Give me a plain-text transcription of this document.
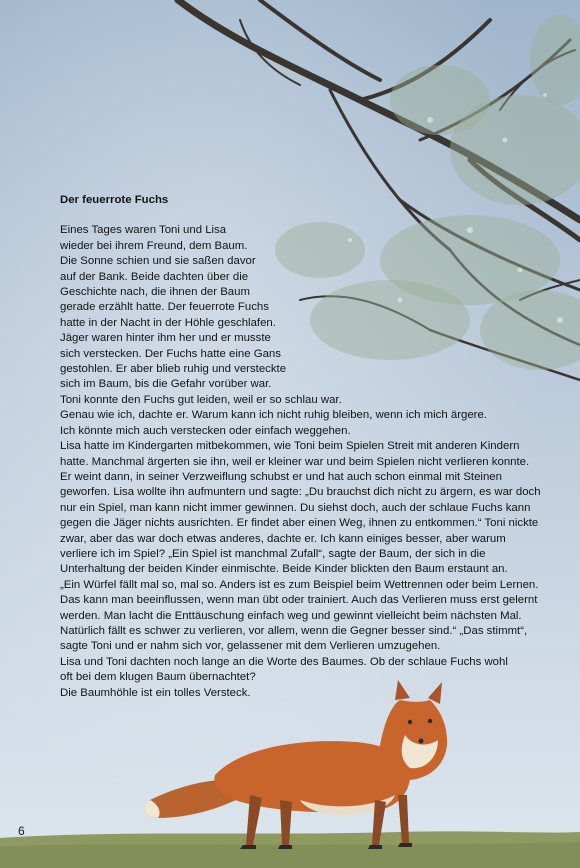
Der feuerrote Fuchs
Eines Tages waren Toni und Lisa
wieder bei ihrem Freund, dem Baum.
Die Sonne schien und sie saßen davor
auf der Bank. Beide dachten über die
Geschichte nach, die ihnen der Baum
gerade erzählt hatte. Der feuerrote Fuchs
hatte in der Nacht in der Höhle geschlafen.
Jäger waren hinter ihm her und er musste
sich verstecken. Der Fuchs hatte eine Gans
gestohlen. Er aber blieb ruhig und versteckte
sich im Baum, bis die Gefahr vorüber war.
Toni konnte den Fuchs gut leiden, weil er so schlau war.
Genau wie ich, dachte er. Warum kann ich nicht ruhig bleiben, wenn ich mich ärgere.
Ich könnte mich auch verstecken oder einfach weggehen.
Lisa hatte im Kindergarten mitbekommen, wie Toni beim Spielen Streit mit anderen Kindern
hatte. Manchmal ärgerten sie ihn, weil er kleiner war und beim Spielen nicht verlieren konnte.
Er weint dann, in seiner Verzweiflung schubst er und hat auch schon einmal mit Steinen
geworfen. Lisa wollte ihn aufmuntern und sagte: „Du brauchst dich nicht zu ärgern, es war doch
nur ein Spiel, man kann nicht immer gewinnen. Du siehst doch, auch der schlaue Fuchs kann
gegen die Jäger nichts ausrichten. Er findet aber einen Weg, ihnen zu entkommen.“ Toni nickte
zwar, aber das war doch etwas anderes, dachte er. Ich kann einiges besser, aber warum
verliere ich im Spiel? „Ein Spiel ist manchmal Zufall“, sagte der Baum, der sich in die
Unterhaltung der beiden Kinder einmischte. Beide Kinder blickten den Baum erstaunt an.
„Ein Würfel fällt mal so, mal so. Anders ist es zum Beispiel beim Wettrennen oder beim Lernen.
Das kann man beeinflussen, wenn man übt oder trainiert. Auch das Verlieren muss erst gelernt
werden. Man lacht die Enttäuschung einfach weg und gewinnt vielleicht beim nächsten Mal.
Natürlich fällt es schwer zu verlieren, vor allem, wenn die Gegner besser sind.“ „Das stimmt“,
sagte Toni und er nahm sich vor, gelassener mit dem Verlieren umzugehen.
Lisa und Toni dachten noch lange an die Worte des Baumes. Ob der schlaue Fuchs wohl
oft bei dem klugen Baum übernachtet?
Die Baumhöhle ist ein tolles Versteck.
6
